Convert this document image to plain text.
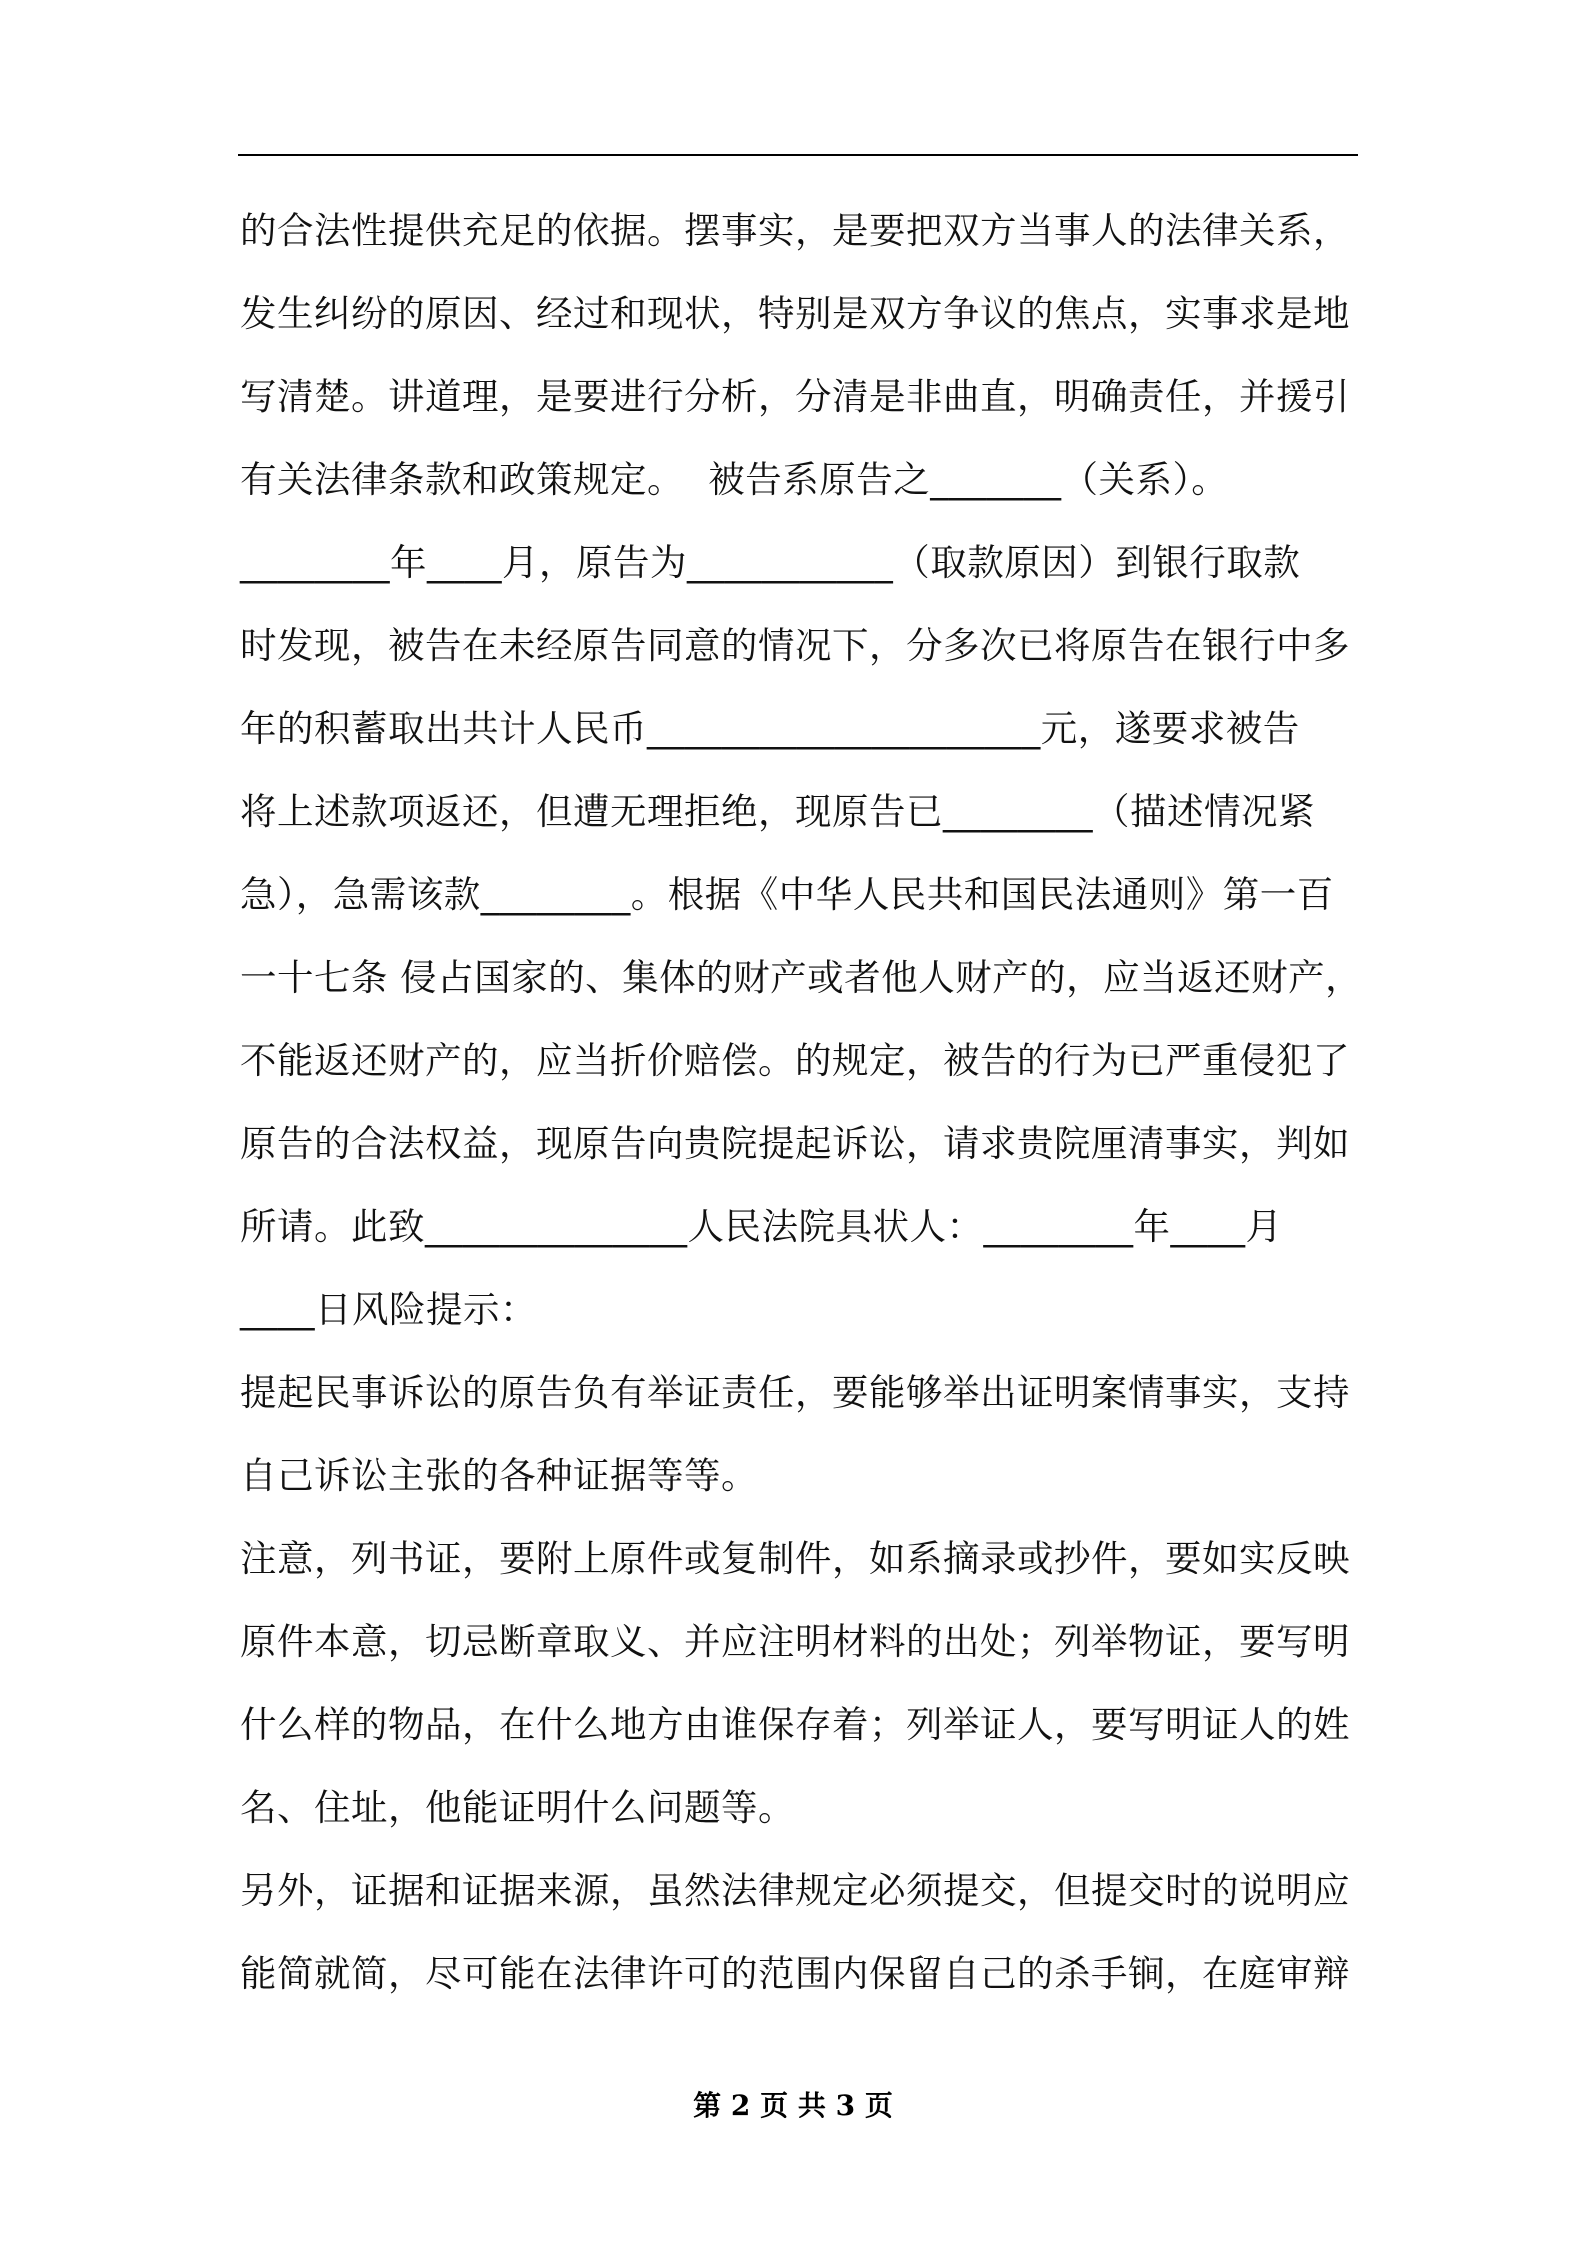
的合法性提供充足的依据。摆事实，是要把双方当事人的法律关系，
发生纠纷的原因、经过和现状，特别是双方争议的焦点，实事求是地
写清楚。讲道理，是要进行分析，分清是非曲直，明确责任，并援引
有关法律条款和政策规定。  被告系原告之_______（关系）。
________年____月，原告为___________（取款原因）到银行取款
时发现，被告在未经原告同意的情况下，分多次已将原告在银行中多
年的积蓄取出共计人民币_____________________元，遂要求被告
将上述款项返还，但遭无理拒绝，现原告已________（描述情况紧
急），急需该款________。根据《中华人民共和国民法通则》第一百
一十七条 侵占国家的、集体的财产或者他人财产的，应当返还财产，
不能返还财产的，应当折价赔偿。的规定，被告的行为已严重侵犯了
原告的合法权益，现原告向贵院提起诉讼，请求贵院厘清事实，判如
所请。此致______________人民法院具状人：________年____月
____日风险提示：
提起民事诉讼的原告负有举证责任，要能够举出证明案情事实，支持
自己诉讼主张的各种证据等等。
注意，列书证，要附上原件或复制件，如系摘录或抄件，要如实反映
原件本意，切忌断章取义、并应注明材料的出处；列举物证，要写明
什么样的物品，在什么地方由谁保存着；列举证人，要写明证人的姓
名、住址，他能证明什么问题等。
另外，证据和证据来源，虽然法律规定必须提交，但提交时的说明应
能简就简，尽可能在法律许可的范围内保留自己的杀手锏，在庭审辩
第 2 页 共 3 页
